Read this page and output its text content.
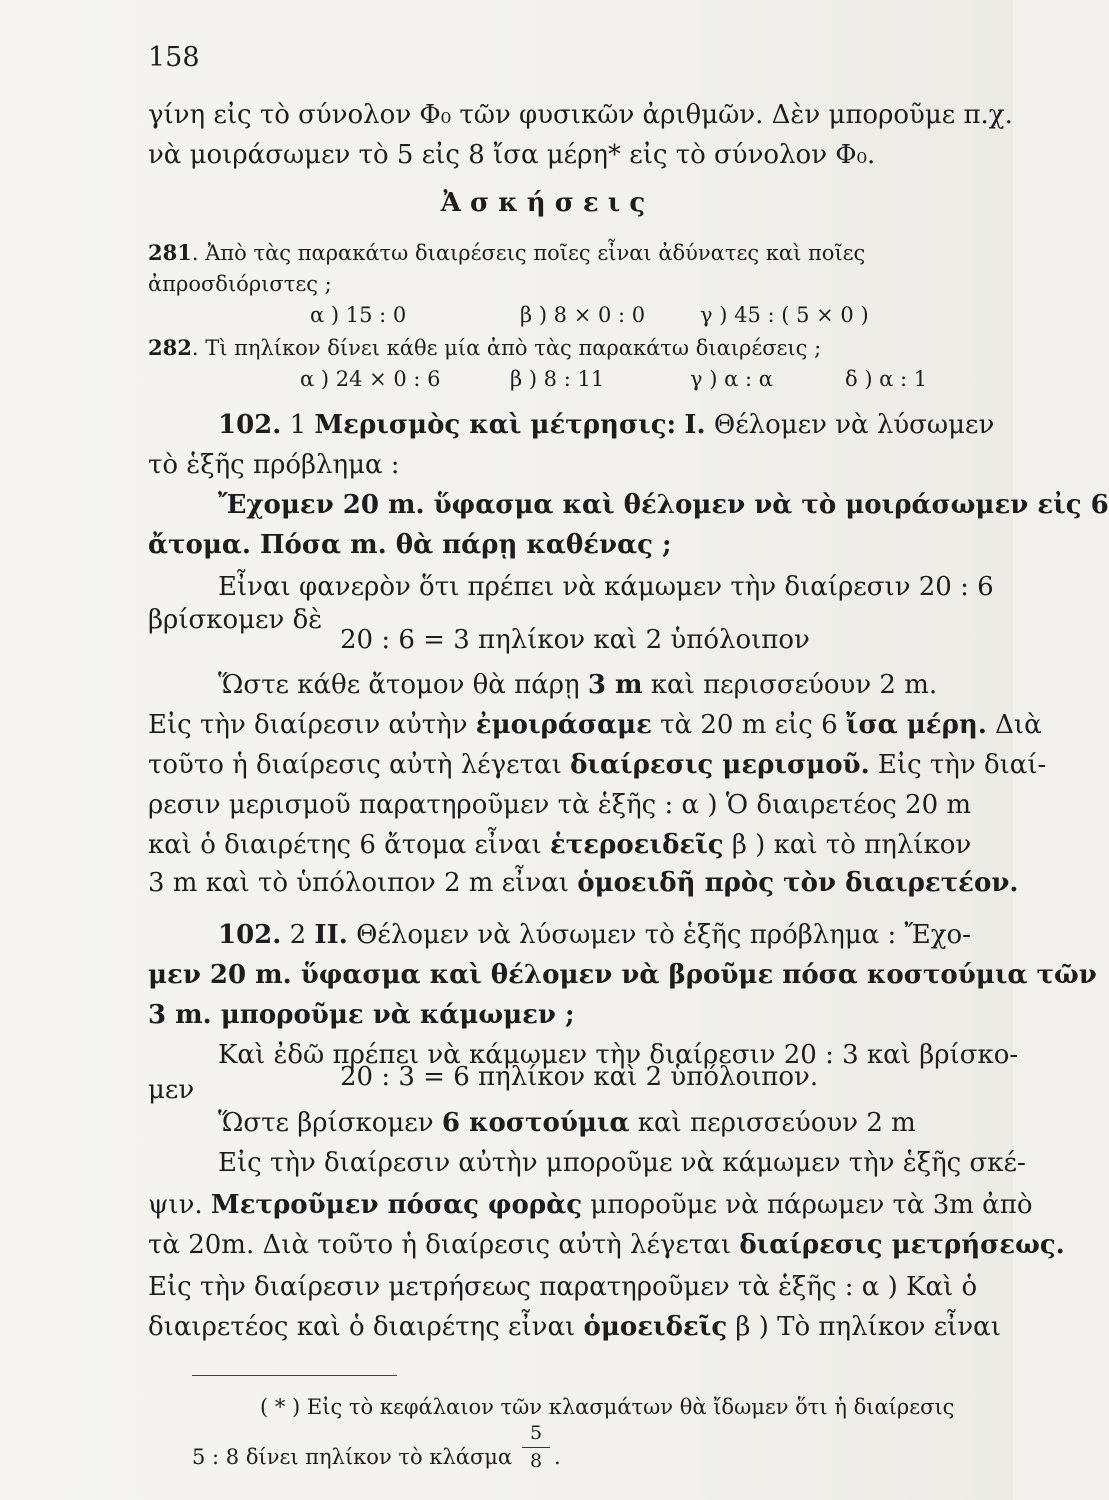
158
γίνη εἰς τὸ σύνολον Φ₀ τῶν φυσικῶν ἀριθμῶν. Δὲν μποροῦμε π.χ.
νὰ μοιράσωμεν τὸ 5 εἰς 8 ἴσα μέρη* εἰς τὸ σύνολον Φ₀.
Ἀ σ κ ή σ ε ι ς
281. Ἀπὸ τὰς παρακάτω διαιρέσεις ποῖες εἶναι ἀδύνατες καὶ ποῖες
ἀπροσδιόριστες ;
α ) 15 : 0	β ) 8 × 0 : 0	γ ) 45 : ( 5 × 0 )
282. Τὶ πηλίκον δίνει κάθε μία ἀπὸ τὰς παρακάτω διαιρέσεις ;
α ) 24 × 0 : 6	β ) 8 : 11	γ ) α : α	δ ) α : 1
102. 1 Μερισμὸς καὶ μέτρησις: I. Θέλομεν νὰ λύσωμεν
τὸ ἑξῆς πρόβλημα :
Ἔχομεν 20 m. ὕφασμα καὶ θέλομεν νὰ τὸ μοιράσωμεν εἰς 6
ἄτομα. Πόσα m. θὰ πάρῃ καθένας ;
Εἶναι φανερὸν ὅτι πρέπει νὰ κάμωμεν τὴν διαίρεσιν 20 : 6
βρίσκομεν δὲ
20 : 6 = 3 πηλίκον καὶ 2 ὑπόλοιπον
Ὥστε κάθε ἄτομον θὰ πάρῃ 3 m καὶ περισσεύουν 2 m.
Εἰς τὴν διαίρεσιν αὐτὴν ἐμοιράσαμε τὰ 20 m εἰς 6 ἴσα μέρη. Διὰ
τοῦτο ἡ διαίρεσις αὐτὴ λέγεται διαίρεσις μερισμοῦ. Εἰς τὴν διαί-
ρεσιν μερισμοῦ παρατηροῦμεν τὰ ἑξῆς : α ) Ὁ διαιρετέος 20 m
καὶ ὁ διαιρέτης 6 ἄτομα εἶναι ἑτεροειδεῖς β ) καὶ τὸ πηλίκον
3 m καὶ τὸ ὑπόλοιπον 2 m εἶναι ὁμοειδῆ πρὸς τὸν διαιρετέον.
102. 2 II. Θέλομεν νὰ λύσωμεν τὸ ἑξῆς πρόβλημα : Ἔχο-
μεν 20 m. ὕφασμα καὶ θέλομεν νὰ βροῦμε πόσα κοστούμια τῶν
3 m. μποροῦμε νὰ κάμωμεν ;
Καὶ ἐδῶ πρέπει νὰ κάμωμεν τὴν διαίρεσιν 20 : 3 καὶ βρίσκο-
μεν	20 : 3 = 6 πηλίκον καὶ 2 ὑπόλοιπον.
Ὥστε βρίσκομεν 6 κοστούμια καὶ περισσεύουν 2 m
Εἰς τὴν διαίρεσιν αὐτὴν μποροῦμε νὰ κάμωμεν τὴν ἑξῆς σκέ-
ψιν. Μετροῦμεν πόσας φορὰς μποροῦμε νὰ πάρωμεν τὰ 3m ἀπὸ
τὰ 20m. Διὰ τοῦτο ἡ διαίρεσις αὐτὴ λέγεται διαίρεσις μετρήσεως.
Εἰς τὴν διαίρεσιν μετρήσεως παρατηροῦμεν τὰ ἑξῆς : α ) Καὶ ὁ
διαιρετέος καὶ ὁ διαιρέτης εἶναι ὁμοειδεῖς β ) Τὸ πηλίκον εἶναι
( * ) Εἰς τὸ κεφάλαιον τῶν κλασμάτων θὰ ἴδωμεν ὅτι ἡ διαίρεσις
5 : 8 δίνει πηλίκον τὸ κλάσμα
5
8 .
